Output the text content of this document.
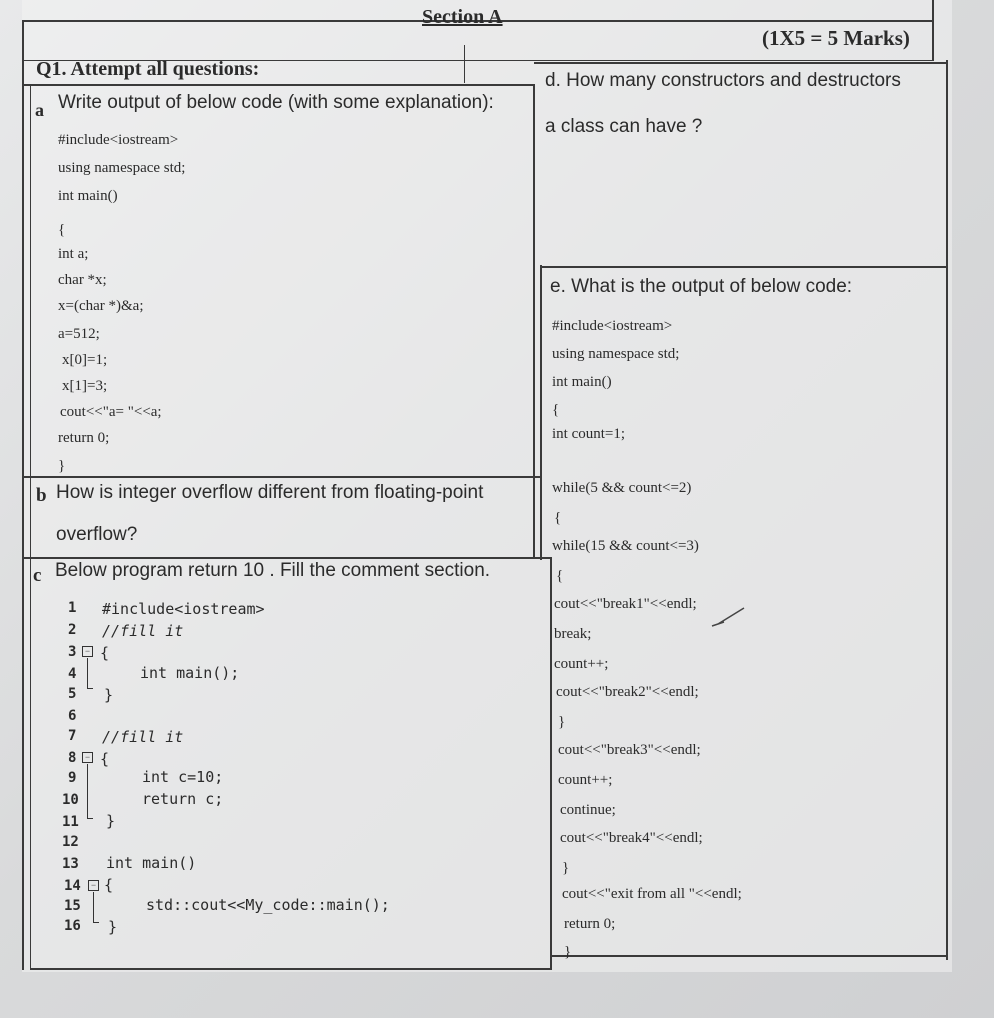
Section A
(1X5 = 5 Marks)
Q1. Attempt all questions:
a Write output of below code (with some explanation):
#include<iostream>
using namespace std;
int main()
{
int a;
char *x;
x=(char *)&a;
a=512;
x[0]=1;
x[1]=3;
cout<<"a= "<<a;
return 0;
}
b How is integer overflow different from floating-point
overflow?
c Below program return 10 . Fill the comment section.
1 #include<iostream>
2 //fill it
3 − {
4	int main();
5 }
6
7 //fill it
8 − {
9	int c=10;
10	return c;
11 }
12
13 int main()
14	− {
15	std::cout<<My_code::main();
16 }
d. How many constructors and destructors
a class can have ?
e. What is the output of below code:
#include<iostream>
using namespace std;
int main()
{
int count=1;
while(5 && count<=2)
{
while(15 && count<=3)
{
cout<<"break1"<<endl;
break;
count++;
cout<<"break2"<<endl;
}
cout<<"break3"<<endl;
count++;
continue;
cout<<"break4"<<endl;
}
cout<<"exit from all "<<endl;
return 0;
}
